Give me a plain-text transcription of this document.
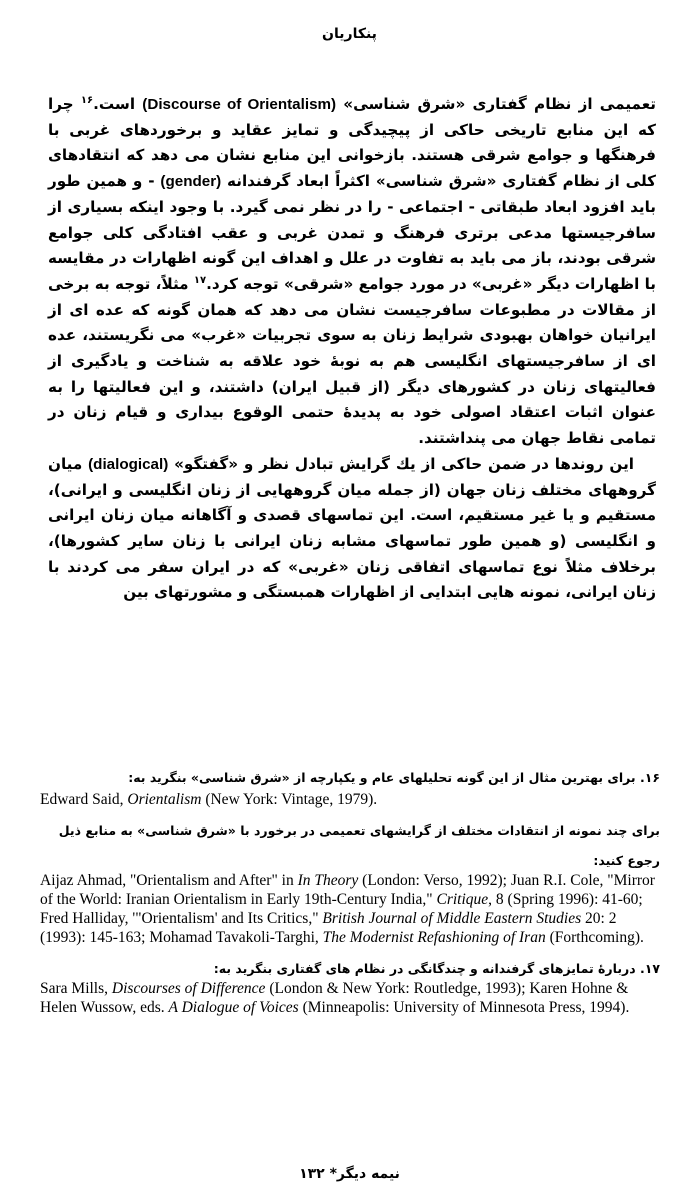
پنکاریان

تعمیمی از نظام گفتاری «شرق شناسی» (Discourse of Orientalism) است.$^{۱۶}$ چرا که این منابع تاریخی حاکی از پیچیدگی و تمایز عقاید و برخوردهای غربی با فرهنگها و جوامع شرقی هستند. بازخوانی این منابع نشان می دهد که انتقادهای کلی از نظام گفتاری «شرق شناسی» اکثراً ابعاد گرفندانه (gender) - و همین طور باید افزود ابعاد طبقاتی - اجتماعی - را در نظر نمی گیرد. با وجود اینکه بسیاری از سافرجیستها مدعی برتری فرهنگ و تمدن غربی و عقب افتادگی کلی جوامع شرقی بودند، باز می باید به تفاوت در علل و اهداف این گونه اظهارات در مقایسه با اظهارات دیگر «غربی» در مورد جوامع «شرقی» توجه کرد.$^{۱۷}$ مثلاً، توجه به برخی از مقالات در مطبوعات سافرجیست نشان می دهد که همان گونه که عده ای از ایرانیان خواهان بهبودی شرایط زنان به سوی تجربیات «غرب» می نگریستند، عده ای از سافرجیستهای انگلیسی هم به نوبۀ خود علاقه به شناخت و یادگیری از فعالیتهای زنان در کشورهای دیگر (از قبیل ایران) داشتند، و این فعالیتها را به عنوان اثبات اعتقاد اصولی خود به پدیدۀ حتمی الوقوع بیداری و قیام زنان در تمامی نقاط جهان می پنداشتند.

این روندها در ضمن حاکی از یك گرایش تبادل نظر و «گفتگو» (dialogical) میان گروههای مختلف زنان جهان (از جمله میان گروههایی از زنان انگلیسی و ایرانی)، مستقیم و یا غیر مستقیم، است. این تماسهای قصدی و آگاهانه میان زنان ایرانی و انگلیسی (و همین طور تماسهای مشابه زنان ایرانی با زنان سایر کشورها)، برخلاف مثلاً نوع تماسهای اتفاقی زنان «غربی» که در ایران سفر می کردند با زنان ایرانی، نمونه هایی ابتدایی از اظهارات همبستگی و مشورتهای بین

۱۶. برای بهترین مثال از این گونه تحلیلهای عام و یکپارچه از «شرق شناسی» بنگرید به:

Edward Said, Orientalism (New York: Vintage, 1979).

برای چند نمونه از انتقادات مختلف از گرایشهای تعمیمی در برخورد با «شرق شناسی» به منابع ذیل

رجوع کنید:

Aijaz Ahmad, "Orientalism and After" in In Theory (London: Verso, 1992); Juan R.I. Cole, "Mirror of the World: Iranian Orientalism in Early 19th-Century India," Critique, 8 (Spring 1996): 41-60; Fred Halliday, '"Orientalism' and Its Critics," British Journal of Middle Eastern Studies 20: 2 (1993): 145-163; Mohamad Tavakoli-Targhi, The Modernist Refashioning of Iran (Forthcoming).

۱۷. دربارۀ تمایزهای گرفندانه و چندگانگی در نظام های گفتاری بنگرید به:

Sara Mills, Discourses of Difference (London & New York: Routledge, 1993); Karen Hohne & Helen Wussow, eds. A Dialogue of Voices (Minneapolis: University of Minnesota Press, 1994).

نیمه دیگر* ۱۳۲
